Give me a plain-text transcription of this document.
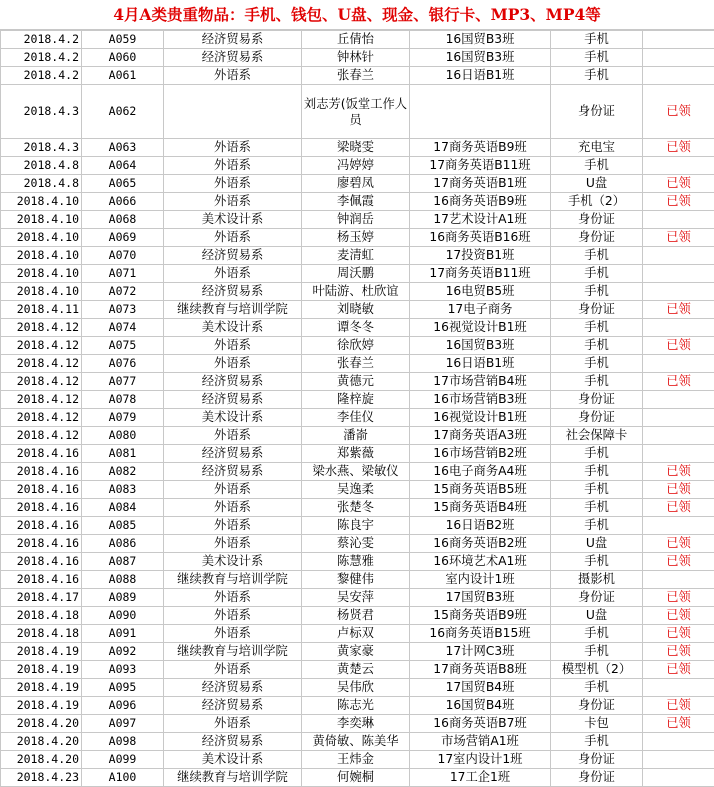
4月A类贵重物品：手机、钱包、U盘、现金、银行卡、MP3、MP4等
2018.4.2	A059	经济贸易系	丘倩怡	16国贸B3班	手机	
2018.4.2	A060	经济贸易系	钟林针	16国贸B3班	手机	
2018.4.2	A061	外语系	张春兰	16日语B1班	手机	
2018.4.3	A062		刘志芳(饭堂工作人员		身份证	已领
2018.4.3	A063	外语系	梁晓雯	17商务英语B9班	充电宝	已领
2018.4.8	A064	外语系	冯婷婷	17商务英语B11班	手机	
2018.4.8	A065	外语系	廖碧凤	17商务英语B1班	U盘	已领
2018.4.10	A066	外语系	李佩霞	16商务英语B9班	手机（2）	已领
2018.4.10	A068	美术设计系	钟润岳	17艺术设计A1班	身份证	
2018.4.10	A069	外语系	杨玉婷	16商务英语B16班	身份证	已领
2018.4.10	A070	经济贸易系	麦清虹	17投资B1班	手机	
2018.4.10	A071	外语系	周沃鹏	17商务英语B11班	手机	
2018.4.10	A072	经济贸易系	叶陆游、杜欣谊	16电贸B5班	手机	
2018.4.11	A073	继续教育与培训学院	刘晓敏	17电子商务	身份证	已领
2018.4.12	A074	美术设计系	谭冬冬	16视觉设计B1班	手机	
2018.4.12	A075	外语系	徐欣婷	16国贸B3班	手机	已领
2018.4.12	A076	外语系	张春兰	16日语B1班	手机	
2018.4.12	A077	经济贸易系	黄德元	17市场营销B4班	手机	已领
2018.4.12	A078	经济贸易系	隆梓旋	16市场营销B3班	身份证	
2018.4.12	A079	美术设计系	李佳仪	16视觉设计B1班	身份证	
2018.4.12	A080	外语系	潘嵛	17商务英语A3班	社会保障卡	
2018.4.16	A081	经济贸易系	郑紫薇	16市场营销B2班	手机	
2018.4.16	A082	经济贸易系	梁水燕、梁敏仪	16电子商务A4班	手机	已领
2018.4.16	A083	外语系	吴逸柔	15商务英语B5班	手机	已领
2018.4.16	A084	外语系	张楚冬	15商务英语B4班	手机	已领
2018.4.16	A085	外语系	陈良宇	16日语B2班	手机	
2018.4.16	A086	外语系	蔡沁雯	16商务英语B2班	U盘	已领
2018.4.16	A087	美术设计系	陈慧雅	16环境艺术A1班	手机	已领
2018.4.16	A088	继续教育与培训学院	黎健伟	室内设计1班	摄影机	
2018.4.17	A089	外语系	吴安萍	17国贸B3班	身份证	已领
2018.4.18	A090	外语系	杨贤君	15商务英语B9班	U盘	已领
2018.4.18	A091	外语系	卢标双	16商务英语B15班	手机	已领
2018.4.19	A092	继续教育与培训学院	黄家豪	17计网C3班	手机	已领
2018.4.19	A093	外语系	黄楚云	17商务英语B8班	模型机（2）	已领
2018.4.19	A095	经济贸易系	吴伟欣	17国贸B4班	手机	
2018.4.19	A096	经济贸易系	陈志光	16国贸B4班	身份证	已领
2018.4.20	A097	外语系	李奕琳	16商务英语B7班	卡包	已领
2018.4.20	A098	经济贸易系	黄倚敏、陈美华	市场营销A1班	手机	
2018.4.20	A099	美术设计系	王炜金	17室内设计1班	身份证	
2018.4.23	A100	继续教育与培训学院	何婉桐	17工企1班	身份证	
